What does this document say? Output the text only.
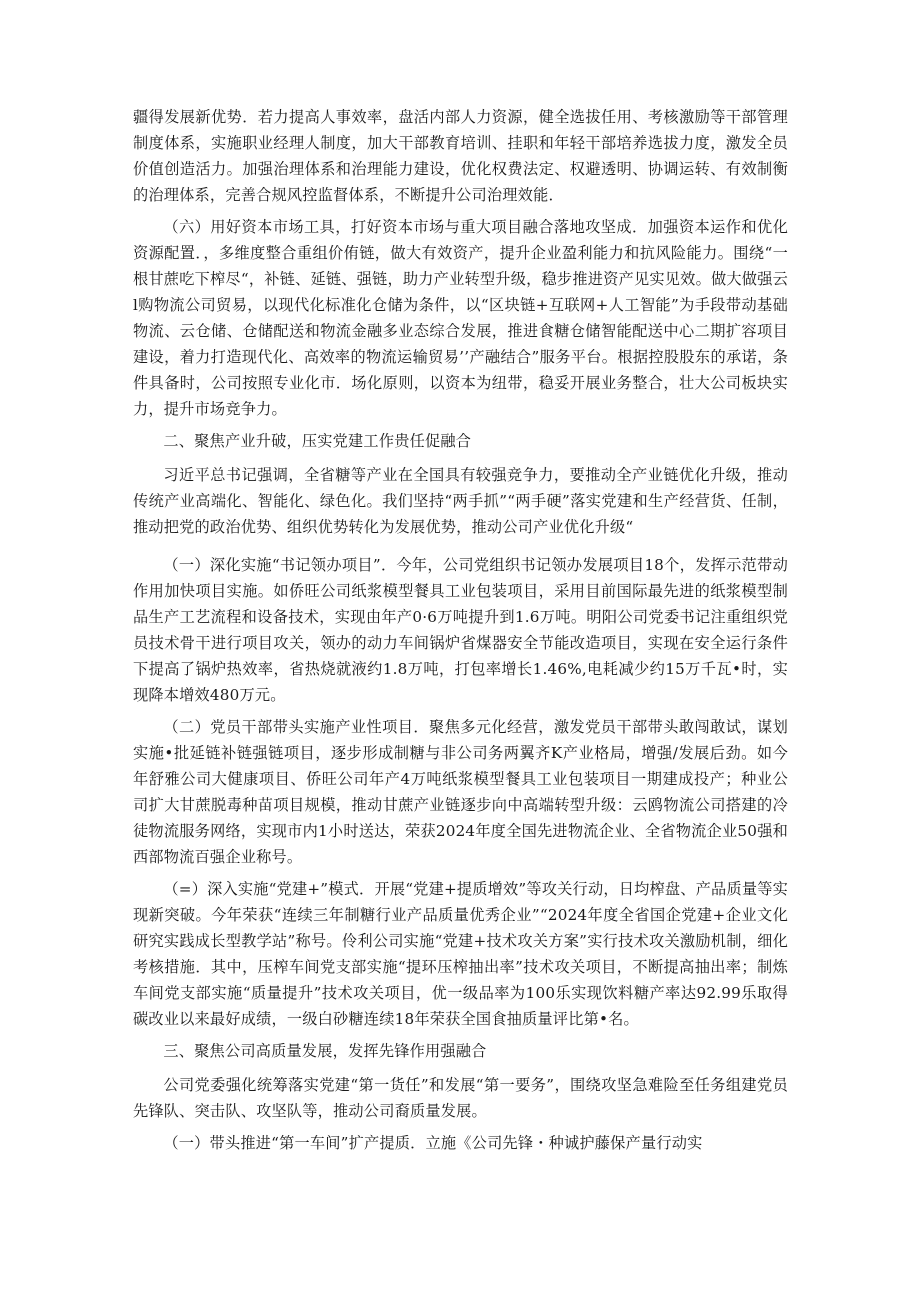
疆得发展新优势．若力提高人事效率，盘活内部人力资源，健全选拔任用、考核激励等干部管理制度体系，实施职业经理人制度，加大干部教育培训、挂职和年轻干部培养选拔力度，激发全员价值创造活力。加强治理体系和治理能力建设，优化权费法定、权避透明、协调运转、有效制衡的治理体系，完善合规风控监督体系，不断提升公司治理效能．

（六）用好资本市场工具，打好资本市场与重大项目融合落地攻坚成．加强资本运作和优化资源配置．，多维度整合重组价侑链，做大有效资产，提升企业盈利能力和抗风险能力。围绕“一根甘蔗吃下榨尽“，补链、延链、强链，助力产业转型升级，稳步推进资产见实见效。做大做强云l购物流公司贸易，以现代化标准化仓储为条件，以“区块链+互联网+人工智能”为手段带动基础物流、云仓储、仓储配送和物流金融多业态综合发展，推进食糖仓储智能配送中心二期扩容项目建设，着力打造现代化、高效率的物流运输贸易’’产融结合”服务平台。根据控股股东的承诺，条件具备时，公司按照专业化市．场化原则，以资本为纽带，稳妥开展业务整合，壮大公司板块实力，提升市场竞争力。

二、聚焦产业升破，压实党建工作贵任促融合

习近平总书记强调，全省糖等产业在全国具有较强竞争力，要推动全产业链优化升级，推动传统产业高端化、智能化、绿色化。我们坚持“两手抓”“两手硬”落实党建和生产经营货、任制，推动把党的政治优势、组织优势转化为发展优势，推动公司产业优化升级“

（一）深化实施“书记领办项目”．今年，公司党组织书记领办发展项目18个，发挥示范带动作用加快项目实施。如侨旺公司纸浆模型餐具工业包装项目，采用目前国际最先进的纸浆模型制品生产工艺流程和设备技术，实现由年产0·6万吨提升到1.6万吨。明阳公司党委书记注重组织党员技术骨干进行项目攻关，领办的动力车间锅炉省煤器安全节能改造项目，实现在安全运行条件下提高了锅炉热效率，省热烧就液约1.8万吨，打包率增长1.46%,电耗减少约15万千瓦•时，实现降本增效480万元。

（二）党员干部带头实施产业性项目．聚焦多元化经营，激发党员干部带头敢闯敢试，谋划实施•批延链补链强链项目，逐步形成制糖与非公司务两翼齐K产业格局，增强/发展后劲。如今年舒雅公司大健康项目、侨旺公司年产4万吨纸浆模型餐具工业包装项目一期建成投产；种业公司扩大甘蔗脱毒种苗项目规模，推动甘蔗产业链逐步向中高端转型升级：云鸥物流公司搭建的冷徒物流服务网络，实现市内1小时送达，荣获2024年度全国先进物流企业、全省物流企业50强和西部物流百强企业称号。

（=）深入实施“党建+”模式．开展“党建+提质增效”等攻关行动，日均榨盘、产品质量等实现新突破。今年荣获“连续三年制糖行业产品质量优秀企业”“2024年度全省国企党建+企业文化研究实践成长型教学站”称号。伶利公司实施“党建+技术攻关方案”实行技术攻关激励机制，细化考核措施．其中，压榨车间党支部实施“提环压榨抽出率”技术攻关项目，不断提高抽出率；制炼车间党支部实施“质量提升”技术攻关项目，优一级品率为100乐实现饮料糖产率达92.99乐取得碳改业以来最好成绩，一级白砂糖连续18年荣获全国食抽质量评比第•名。

三、聚焦公司高质量发展，发挥先锋作用强融合

公司党委强化统筹落实党建“第一货任”和发展“第一要务”，围绕攻坚急难险至任务组建党员先锋队、突击队、攻坚队等，推动公司裔质量发展。

（一）带头推进“第一车间”扩产提质．立施《公司先锋・种诚护藤保产量行动实
